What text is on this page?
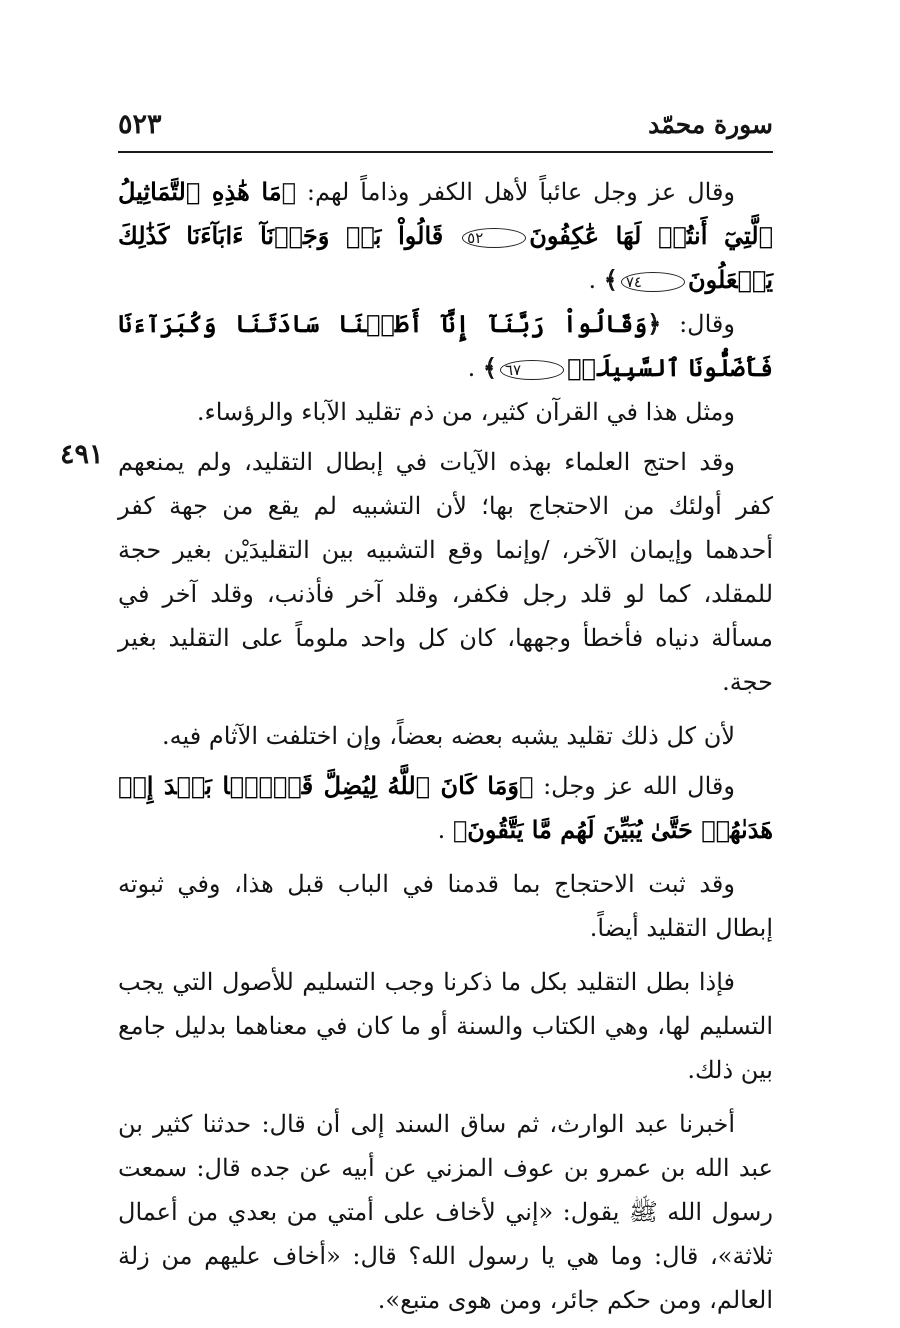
سورة محمّد
٥٢٣
٤٩١

وقال عز وجل عائباً لأهل الكفر وذاماً لهم: ﴿مَا هَٰذِهِ ٱلتَّمَاثِيلُ ٱلَّتِيٓ أَنتُمۡ لَهَا عَٰكِفُونَ٥٢ قَالُواْ بَلۡ وَجَدۡنَآ ءَابَآءَنَا كَذَٰلِكَ يَفۡعَلُونَ٧٤﴾ .

وقال: ﴿وَقَالُواْ رَبَّنَآ إِنَّآ أَطَعۡنَا سَادَتَنَا وَكُبَرَآءَنَا فَأَضَلُّونَا ٱلسَّبِيلَا۠٦٧﴾ .

ومثل هذا في القرآن كثير، من ذم تقليد الآباء والرؤساء.

وقد احتج العلماء بهذه الآيات في إبطال التقليد، ولم يمنعهم كفر أولئك من الاحتجاج بها؛ لأن التشبيه لم يقع من جهة كفر أحدهما وإيمان الآخر، /وإنما وقع التشبيه بين التقليدَيْن بغير حجة للمقلد، كما لو قلد رجل فكفر، وقلد آخر فأذنب، وقلد آخر في مسألة دنياه فأخطأ وجهها، كان كل واحد ملوماً على التقليد بغير حجة.

لأن كل ذلك تقليد يشبه بعضه بعضاً، وإن اختلفت الآثام فيه.

وقال الله عز وجل: ﴿وَمَا كَانَ ٱللَّهُ لِيُضِلَّ قَوۡمَۢا بَعۡدَ إِذۡ هَدَىٰهُمۡ حَتَّىٰ يُبَيِّنَ لَهُم مَّا يَتَّقُونَ﴾ .

وقد ثبت الاحتجاج بما قدمنا في الباب قبل هذا، وفي ثبوته إبطال التقليد أيضاً.

فإذا بطل التقليد بكل ما ذكرنا وجب التسليم للأصول التي يجب التسليم لها، وهي الكتاب والسنة أو ما كان في معناهما بدليل جامع بين ذلك.

أخبرنا عبد الوارث، ثم ساق السند إلى أن قال: حدثنا كثير بن عبد الله بن عمرو بن عوف المزني عن أبيه عن جده قال: سمعت رسول الله ﷺ يقول: «إني لأخاف على أمتي من بعدي من أعمال ثلاثة»، قال: وما هي يا رسول الله؟ قال: «أخاف عليهم من زلة العالم، ومن حكم جائر، ومن هوى متبع».
